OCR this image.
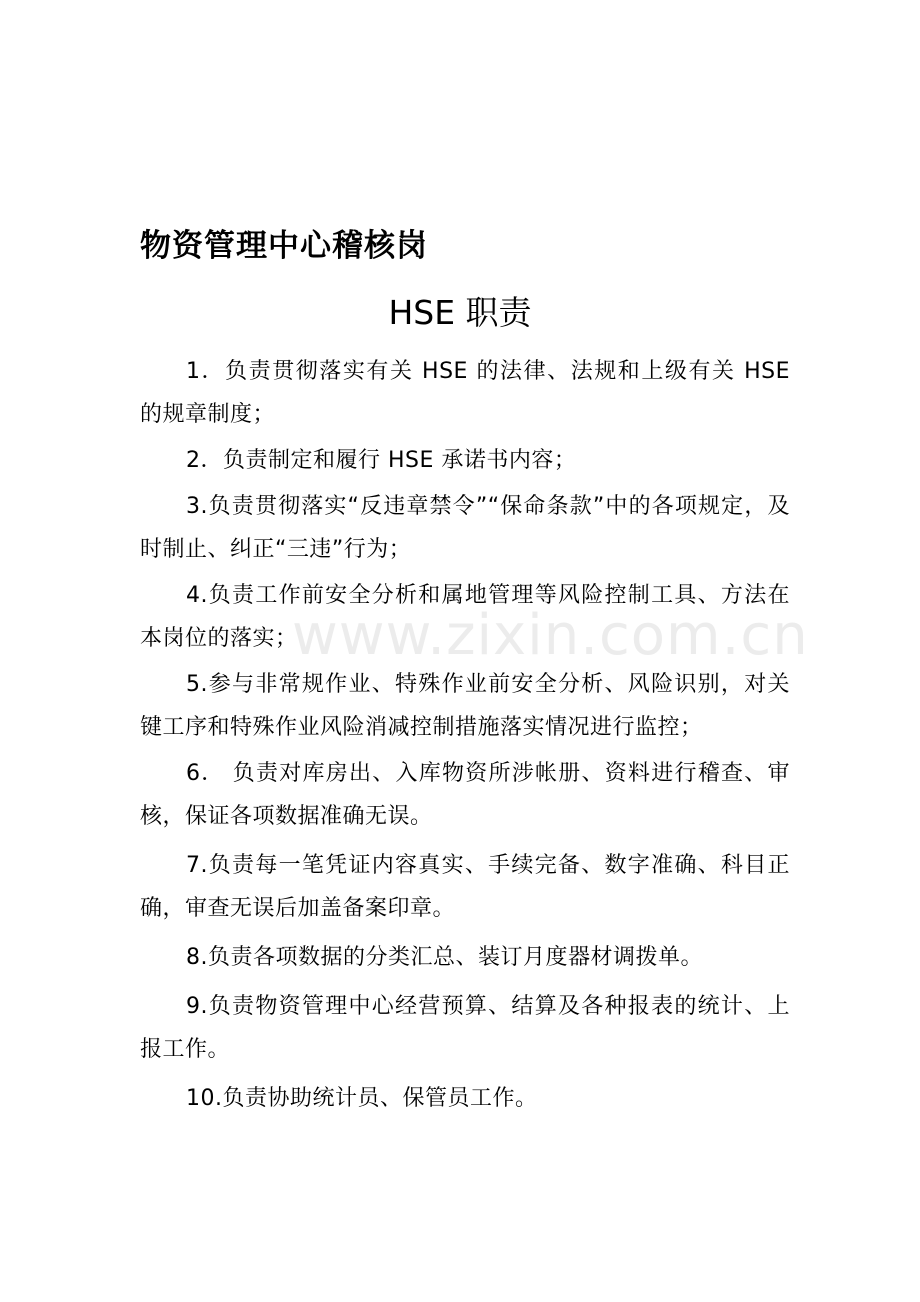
www.zixin.com.cn
物资管理中心稽核岗
HSE 职责

1．负责贯彻落实有关 HSE 的法律、法规和上级有关 HSE 的规章制度；

2．负责制定和履行 HSE 承诺书内容；

3.负责贯彻落实“反违章禁令”“保命条款”中的各项规定，及时制止、纠正“三违”行为；

4.负责工作前安全分析和属地管理等风险控制工具、方法在本岗位的落实；

5.参与非常规作业、特殊作业前安全分析、风险识别，对关键工序和特殊作业风险消减控制措施落实情况进行监控；

6． 负责对库房出、入库物资所涉帐册、资料进行稽查、审核，保证各项数据准确无误。

7.负责每一笔凭证内容真实、手续完备、数字准确、科目正确，审查无误后加盖备案印章。

8.负责各项数据的分类汇总、装订月度器材调拨单。

9.负责物资管理中心经营预算、结算及各种报表的统计、上报工作。

10.负责协助统计员、保管员工作。
